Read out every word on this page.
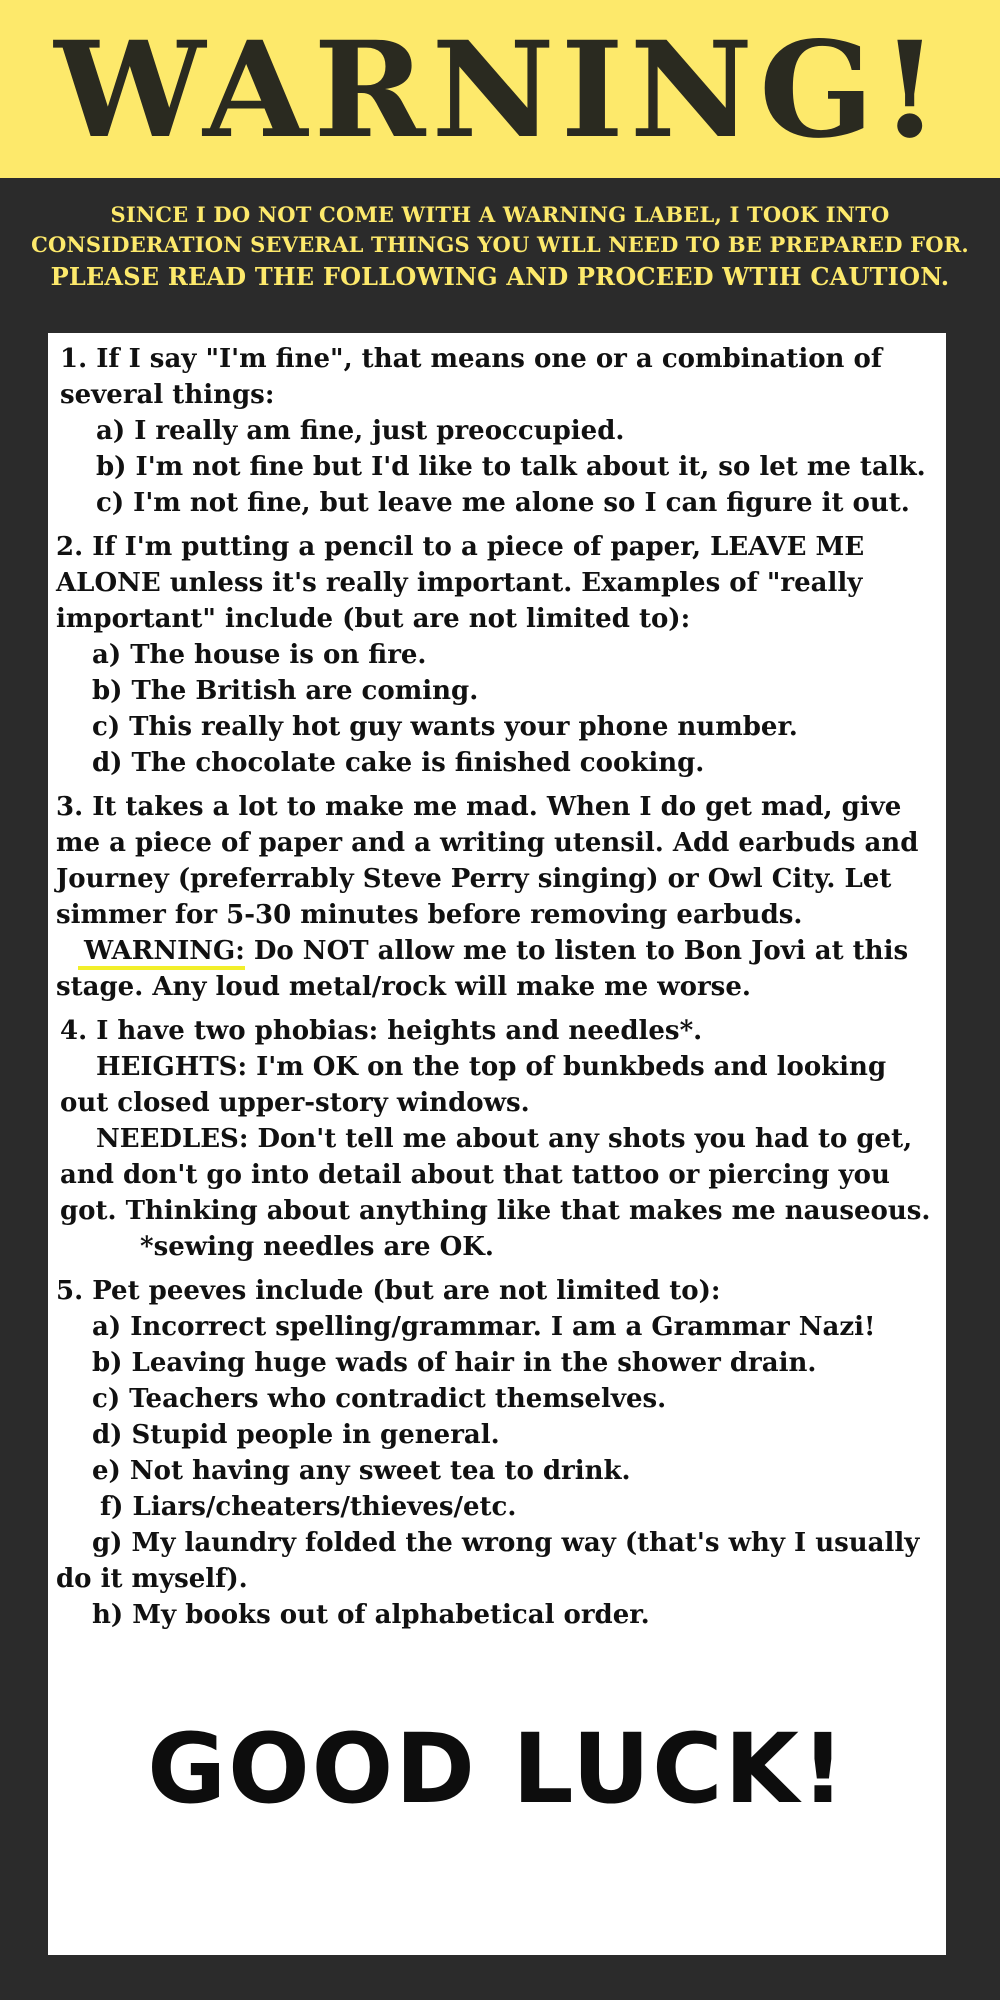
WARNING!
SINCE I DO NOT COME WITH A WARNING LABEL, I TOOK INTO
CONSIDERATION SEVERAL THINGS YOU WILL NEED TO BE PREPARED FOR.
PLEASE READ THE FOLLOWING AND PROCEED WTIH CAUTION.
1. If I say "I'm fine", that means one or a combination of several things:
a) I really am fine, just preoccupied.
b) I'm not fine but I'd like to talk about it, so let me talk.
c) I'm not fine, but leave me alone so I can figure it out.
2. If I'm putting a pencil to a piece of paper, LEAVE ME ALONE unless it's really important. Examples of "really important" include (but are not limited to):
a) The house is on fire.
b) The British are coming.
c) This really hot guy wants your phone number.
d) The chocolate cake is finished cooking.
3. It takes a lot to make me mad. When I do get mad, give me a piece of paper and a writing utensil. Add earbuds and Journey (preferrably Steve Perry singing) or Owl City. Let simmer for 5-30 minutes before removing earbuds.
WARNING: Do NOT allow me to listen to Bon Jovi at this stage. Any loud metal/rock will make me worse.
4. I have two phobias: heights and needles*.
HEIGHTS: I'm OK on the top of bunkbeds and looking out closed upper-story windows.
NEEDLES: Don't tell me about any shots you had to get, and don't go into detail about that tattoo or piercing you got. Thinking about anything like that makes me nauseous.
*sewing needles are OK.
5. Pet peeves include (but are not limited to):
a) Incorrect spelling/grammar. I am a Grammar Nazi!
b) Leaving huge wads of hair in the shower drain.
c) Teachers who contradict themselves.
d) Stupid people in general.
e) Not having any sweet tea to drink.
f) Liars/cheaters/thieves/etc.
g) My laundry folded the wrong way (that's why I usually do it myself).
h) My books out of alphabetical order.
GOOD LUCK!
